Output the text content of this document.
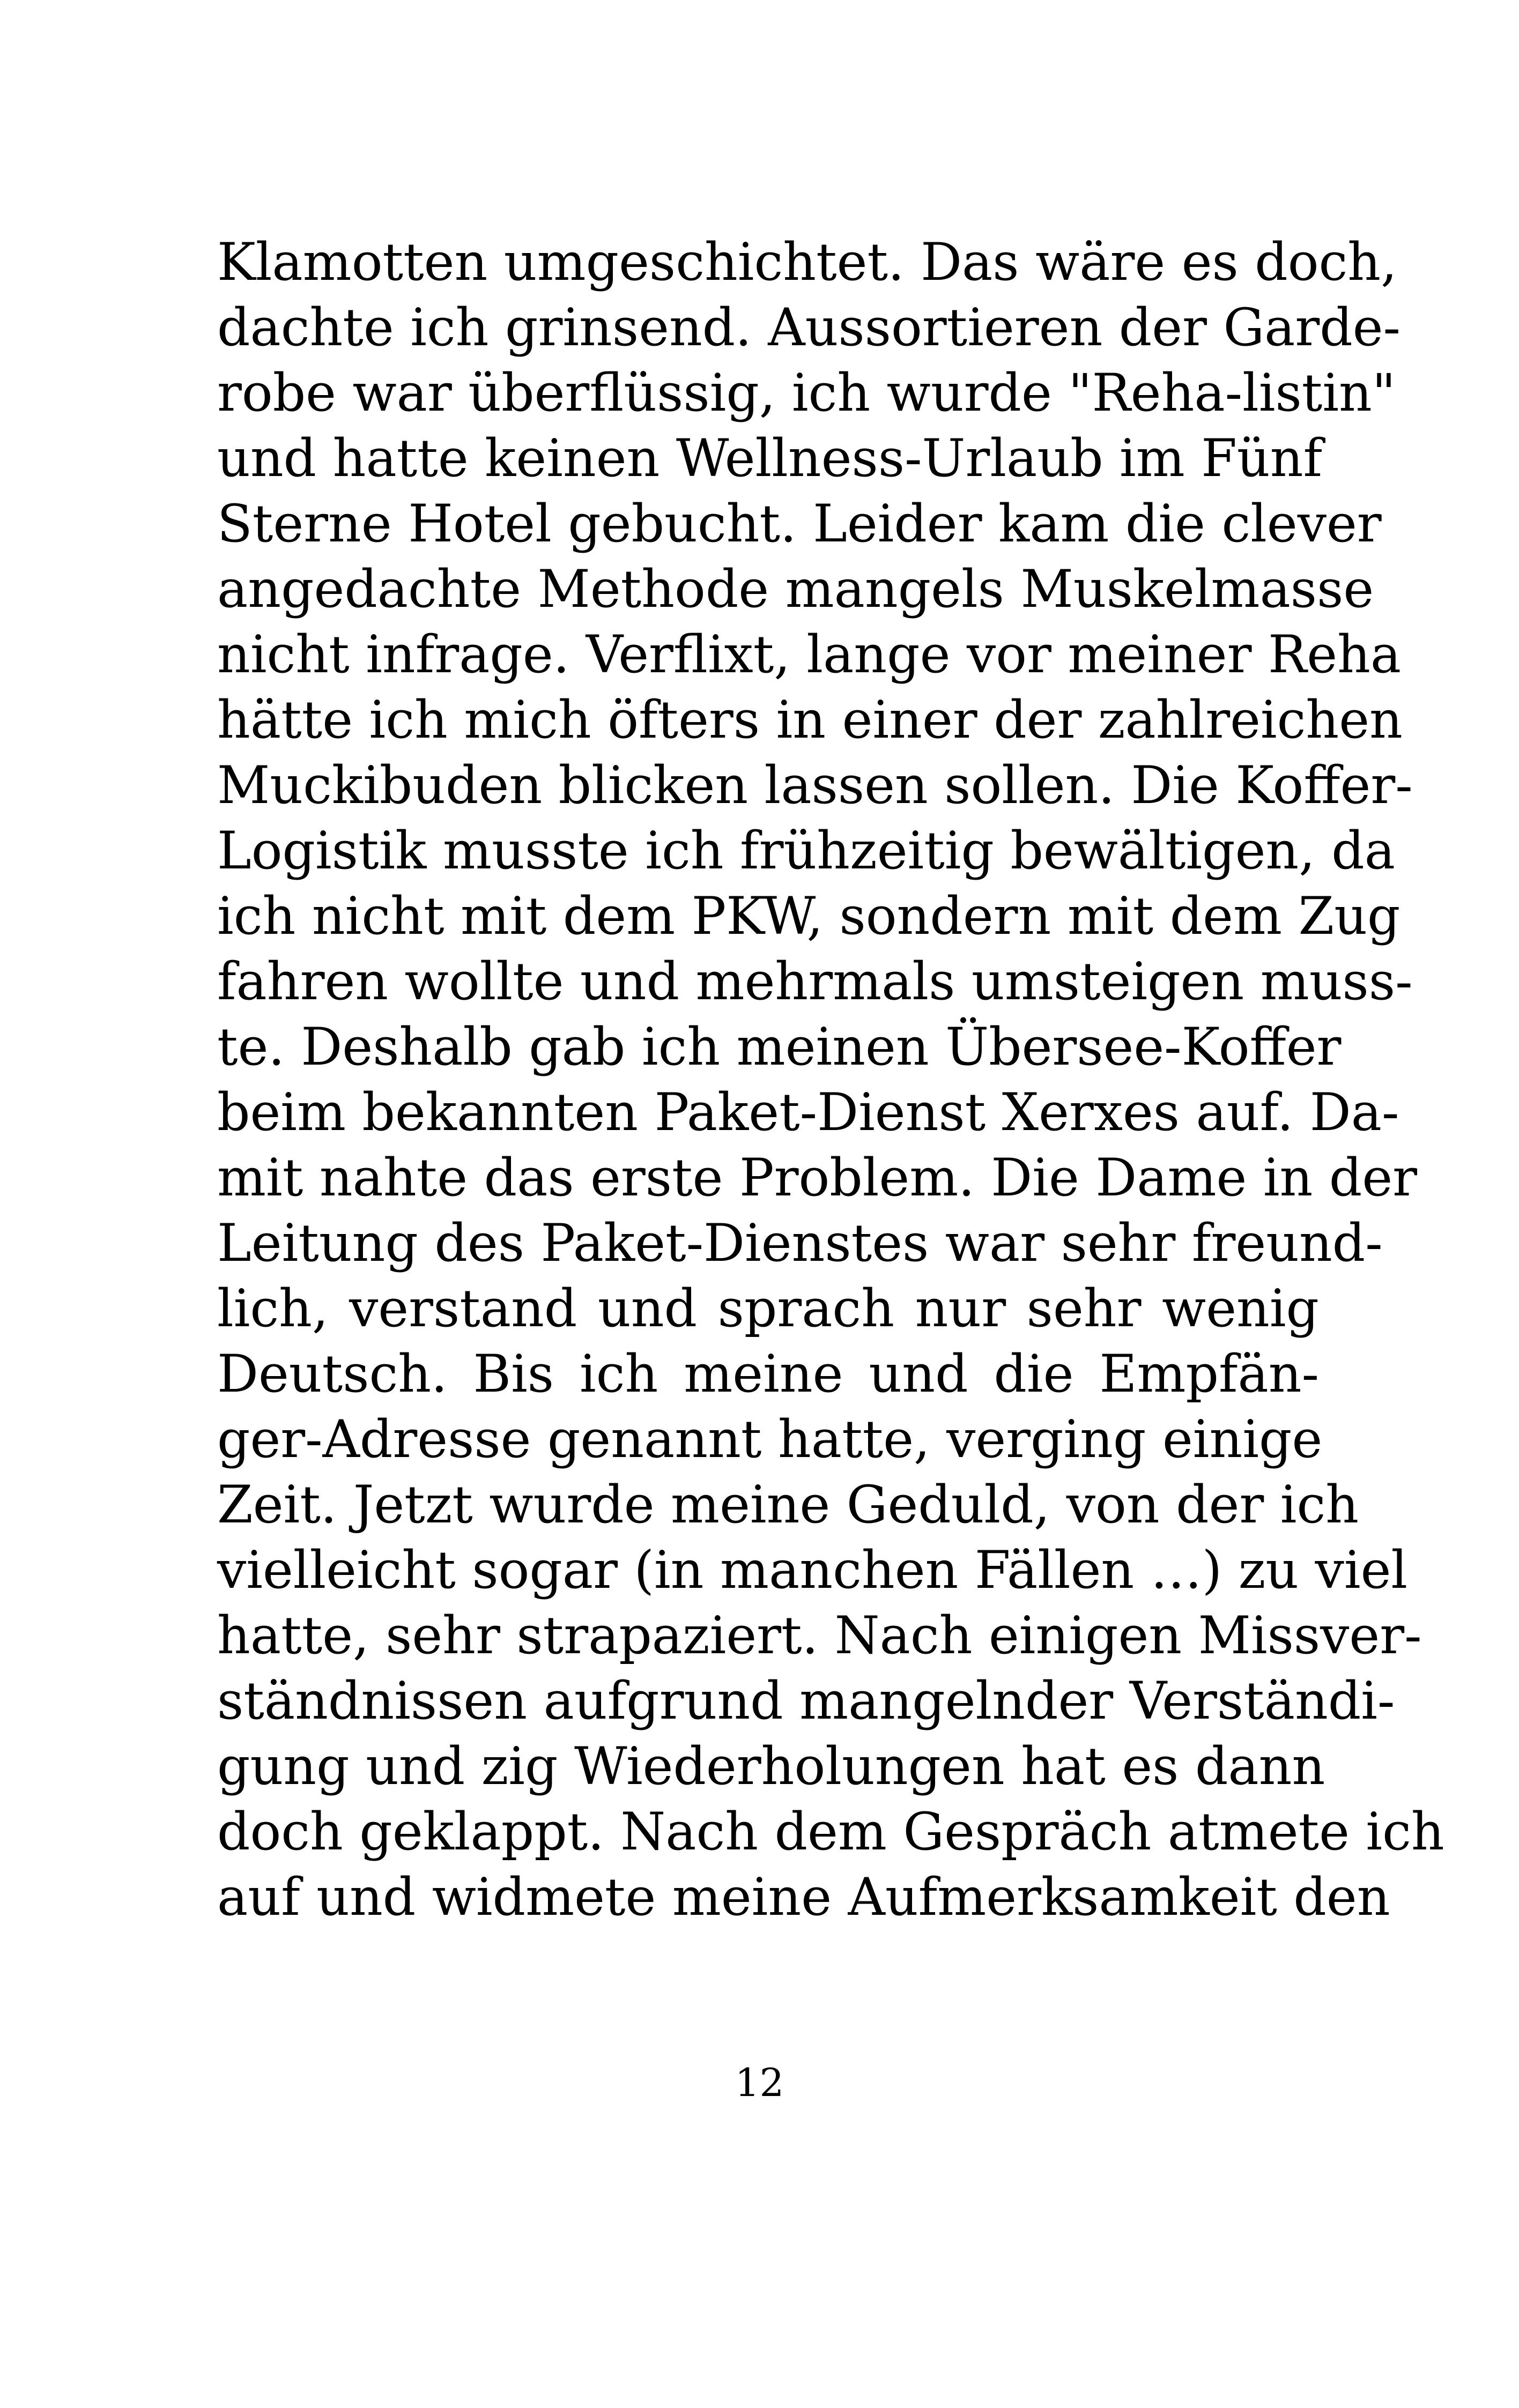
Klamotten umgeschichtet. Das wäre es doch,
dachte ich grinsend. Aussortieren der Garde-
robe war überflüssig, ich wurde "Reha-listin"
und hatte keinen Wellness-Urlaub im Fünf
Sterne Hotel gebucht. Leider kam die clever
angedachte Methode mangels Muskelmasse
nicht infrage. Verflixt, lange vor meiner Reha
hätte ich mich öfters in einer der zahlreichen
Muckibuden blicken lassen sollen. Die Koffer-
Logistik musste ich frühzeitig bewältigen, da
ich nicht mit dem PKW, sondern mit dem Zug
fahren wollte und mehrmals umsteigen muss-
te. Deshalb gab ich meinen Übersee-Koffer
beim bekannten Paket-Dienst Xerxes auf. Da-
mit nahte das erste Problem. Die Dame in der
Leitung des Paket-Dienstes war sehr freund-
lich, verstand und sprach nur sehr wenig
Deutsch. Bis ich meine und die Empfän-
ger-Adresse genannt hatte, verging einige
Zeit. Jetzt wurde meine Geduld, von der ich
vielleicht sogar (in manchen Fällen …) zu viel
hatte, sehr strapaziert. Nach einigen Missver-
ständnissen aufgrund mangelnder Verständi-
gung und zig Wiederholungen hat es dann
doch geklappt. Nach dem Gespräch atmete ich
auf und widmete meine Aufmerksamkeit den
12
